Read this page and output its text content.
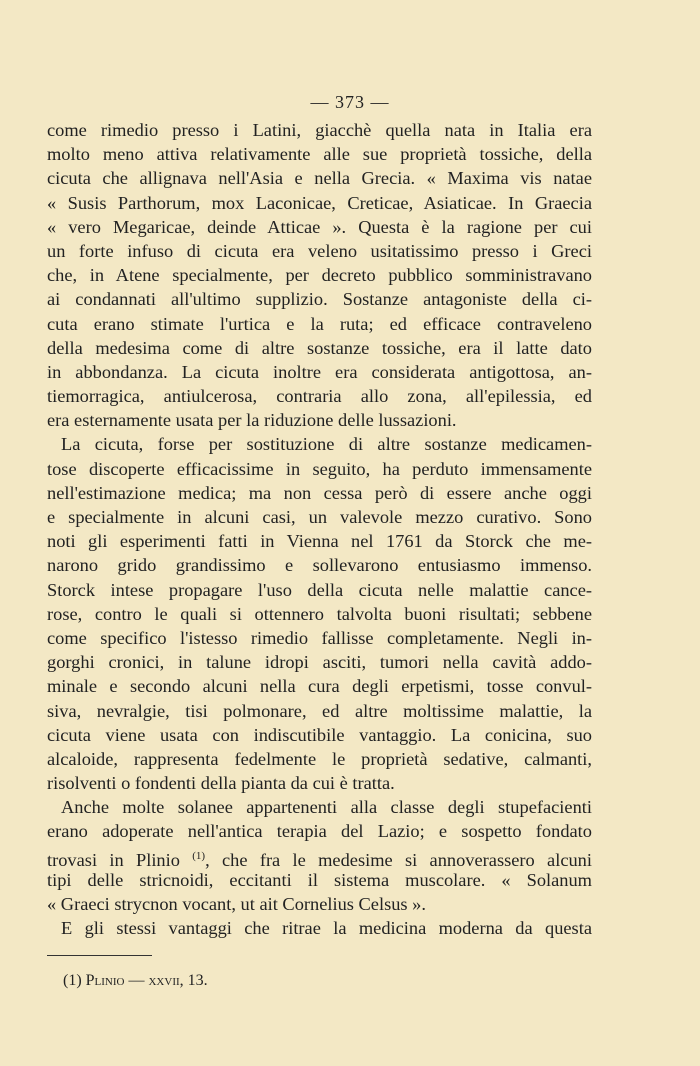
— 373 —
come rimedio presso i Latini, giacchè quella nata in Italia era
molto meno attiva relativamente alle sue proprietà tossiche, della
cicuta che allignava nell'Asia e nella Grecia. « Maxima vis natae
« Susis Parthorum, mox Laconicae, Creticae, Asiaticae. In Graecia
« vero Megaricae, deinde Atticae ». Questa è la ragione per cui
un forte infuso di cicuta era veleno usitatissimo presso i Greci
che, in Atene specialmente, per decreto pubblico somministravano
ai condannati all'ultimo supplizio. Sostanze antagoniste della ci-
cuta erano stimate l'urtica e la ruta; ed efficace contraveleno
della medesima come di altre sostanze tossiche, era il latte dato
in abbondanza. La cicuta inoltre era considerata antigottosa, an-
tiemorragica, antiulcerosa, contraria allo zona, all'epilessia, ed
era esternamente usata per la riduzione delle lussazioni.
La cicuta, forse per sostituzione di altre sostanze medicamen-
tose discoperte efficacissime in seguito, ha perduto immensamente
nell'estimazione medica; ma non cessa però di essere anche oggi
e specialmente in alcuni casi, un valevole mezzo curativo. Sono
noti gli esperimenti fatti in Vienna nel 1761 da Storck che me-
narono grido grandissimo e sollevarono entusiasmo immenso.
Storck intese propagare l'uso della cicuta nelle malattie cance-
rose, contro le quali si ottennero talvolta buoni risultati; sebbene
come specifico l'istesso rimedio fallisse completamente. Negli in-
gorghi cronici, in talune idropi asciti, tumori nella cavità addo-
minale e secondo alcuni nella cura degli erpetismi, tosse convul-
siva, nevralgie, tisi polmonare, ed altre moltissime malattie, la
cicuta viene usata con indiscutibile vantaggio. La conicina, suo
alcaloide, rappresenta fedelmente le proprietà sedative, calmanti,
risolventi o fondenti della pianta da cui è tratta.
Anche molte solanee appartenenti alla classe degli stupefacienti
erano adoperate nell'antica terapia del Lazio; e sospetto fondato
trovasi in Plinio $^{(1)}$, che fra le medesime si annoverassero alcuni
tipi delle stricnoidi, eccitanti il sistema muscolare. « Solanum
« Graeci strycnon vocant, ut ait Cornelius Celsus ».
E gli stessi vantaggi che ritrae la medicina moderna da questa
(1) Plinio — xxvii, 13.
